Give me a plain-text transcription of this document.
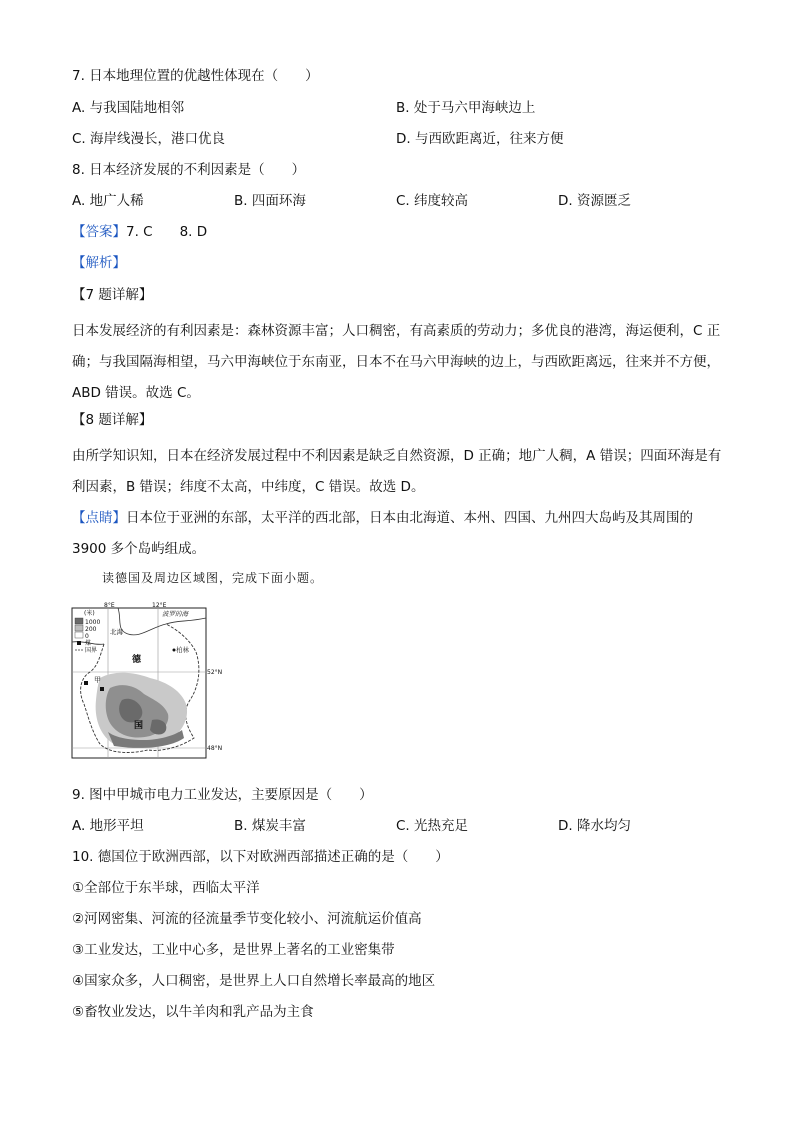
7. 日本地理位置的优越性体现在（　　）
A. 与我国陆地相邻	B. 处于马六甲海峡边上
C. 海岸线漫长，港口优良	D. 与西欧距离近，往来方便
8. 日本经济发展的不利因素是（　　）
A. 地广人稀	B. 四面环海	C. 纬度较高	D. 资源匮乏
【答案】7. C　　8. D
【解析】
【7 题详解】
日本发展经济的有利因素是：森林资源丰富；人口稠密，有高素质的劳动力；多优良的港湾，海运便利，C 正确；与我国隔海相望，马六甲海峡位于东南亚，日本不在马六甲海峡的边上，与西欧距离远，往来并不方便，ABD 错误。故选 C。
【8 题详解】
由所学知识知，日本在经济发展过程中不利因素是缺乏自然资源，D 正确；地广人稠，A 错误；四面环海是有利因素，B 错误；纬度不太高，中纬度，C 错误。故选 D。
【点睛】日本位于亚洲的东部，太平洋的西北部，日本由北海道、本州、四国、九州四大岛屿及其周围的 3900 多个岛屿组成。
读德国及周边区域图，完成下面小题。
(米)
1000
200
0
煤
国界
8°E	12°E
52°N
48°N
波罗的海
北海
柏林
德
国
甲
9. 图中甲城市电力工业发达，主要原因是（　　）
A. 地形平坦	B. 煤炭丰富	C. 光热充足	D. 降水均匀
10. 德国位于欧洲西部，以下对欧洲西部描述正确的是（　　）
①全部位于东半球，西临太平洋
②河网密集、河流的径流量季节变化较小、河流航运价值高
③工业发达，工业中心多，是世界上著名的工业密集带
④国家众多，人口稠密，是世界上人口自然增长率最高的地区
⑤畜牧业发达，以牛羊肉和乳产品为主食
